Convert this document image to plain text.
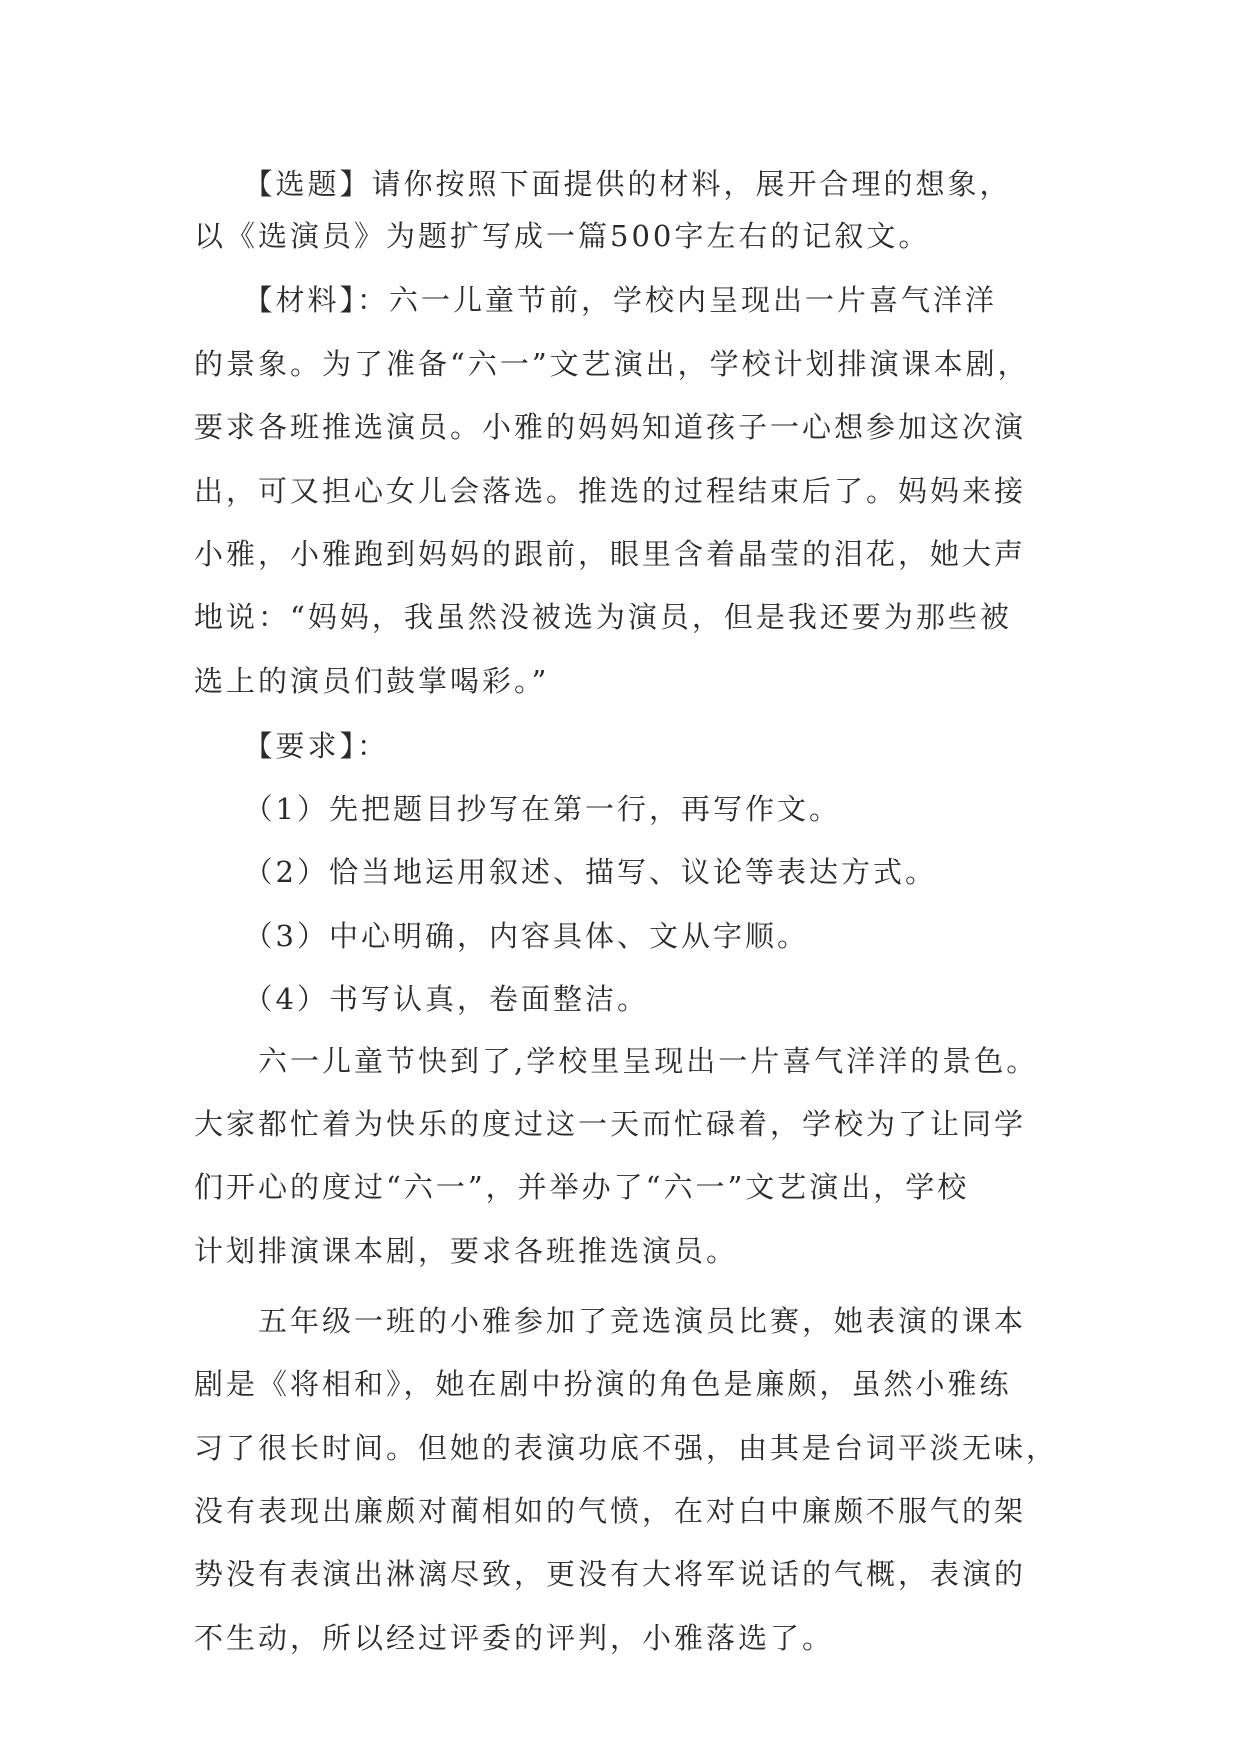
　　【选题】请你按照下面提供的材料，展开合理的想象，
以《选演员》为题扩写成一篇500字左右的记叙文。
　　【材料】：六一儿童节前，学校内呈现出一片喜气洋洋
的景象。为了准备“六一”文艺演出，学校计划排演课本剧，
要求各班推选演员。小雅的妈妈知道孩子一心想参加这次演
出，可又担心女儿会落选。推选的过程结束后了。妈妈来接
小雅，小雅跑到妈妈的跟前，眼里含着晶莹的泪花，她大声
地说：“妈妈，我虽然没被选为演员，但是我还要为那些被
选上的演员们鼓掌喝彩。”
　　【要求】：
　　（1）先把题目抄写在第一行，再写作文。
　　（2）恰当地运用叙述、描写、议论等表达方式。
　　（3）中心明确，内容具体、文从字顺。
　　（4）书写认真，卷面整洁。
　　六一儿童节快到了,学校里呈现出一片喜气洋洋的景色。
大家都忙着为快乐的度过这一天而忙碌着，学校为了让同学
们开心的度过“六一”，并举办了“六一”文艺演出，学校
计划排演课本剧，要求各班推选演员。
　　五年级一班的小雅参加了竞选演员比赛，她表演的课本
剧是《将相和》，她在剧中扮演的角色是廉颇，虽然小雅练
习了很长时间。但她的表演功底不强，由其是台词平淡无味，
没有表现出廉颇对蔺相如的气愤，在对白中廉颇不服气的架
势没有表演出淋漓尽致，更没有大将军说话的气概，表演的
不生动，所以经过评委的评判，小雅落选了。
